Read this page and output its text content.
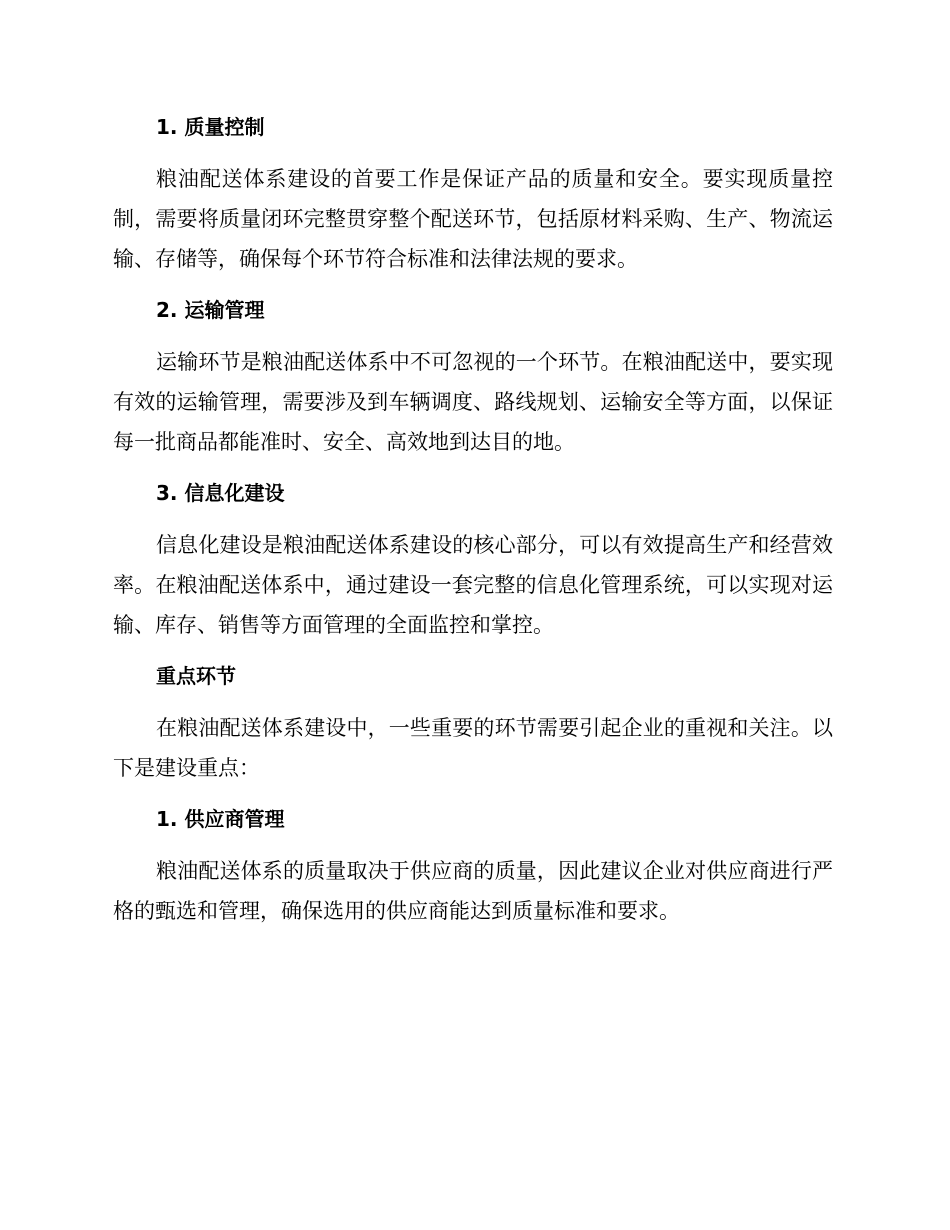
1. 质量控制

粮油配送体系建设的首要工作是保证产品的质量和安全。要实现质量控制，需要将质量闭环完整贯穿整个配送环节，包括原材料采购、生产、物流运输、存储等，确保每个环节符合标准和法律法规的要求。

2. 运输管理

运输环节是粮油配送体系中不可忽视的一个环节。在粮油配送中，要实现有效的运输管理，需要涉及到车辆调度、路线规划、运输安全等方面，以保证每一批商品都能准时、安全、高效地到达目的地。

3. 信息化建设

信息化建设是粮油配送体系建设的核心部分，可以有效提高生产和经营效率。在粮油配送体系中，通过建设一套完整的信息化管理系统，可以实现对运输、库存、销售等方面管理的全面监控和掌控。

重点环节

在粮油配送体系建设中，一些重要的环节需要引起企业的重视和关注。以下是建设重点：

1. 供应商管理

粮油配送体系的质量取决于供应商的质量，因此建议企业对供应商进行严格的甄选和管理，确保选用的供应商能达到质量标准和要求。
